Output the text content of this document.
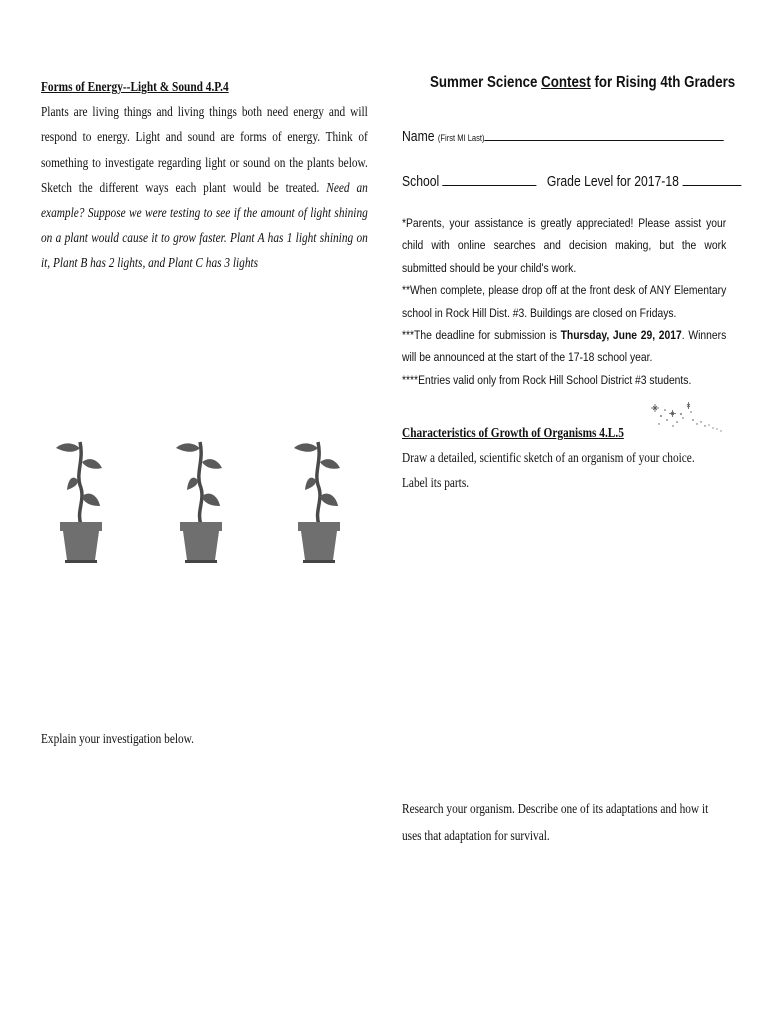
Forms of Energy--Light & Sound 4.P.4
Plants are living things and living things both need energy and will respond to energy. Light and sound are forms of energy. Think of something to investigate regarding light or sound on the plants below. Sketch the different ways each plant would be treated. Need an example? Suppose we were testing to see if the amount of light shining on a plant would cause it to grow faster. Plant A has 1 light shining on it, Plant B has 2 lights, and Plant C has 3 lights
Explain your investigation below.
Summer Science Contest for Rising 4th Graders
Name (First MI Last)
School	Grade Level for 2017-18

*Parents, your assistance is greatly appreciated! Please assist your child with online searches and decision making, but the work submitted should be your child's work.

**When complete, please drop off at the front desk of ANY Elementary school in Rock Hill Dist. #3. Buildings are closed on Fridays.

***The deadline for submission is Thursday, June 29, 2017. Winners will be announced at the start of the 17-18 school year.

****Entries valid only from Rock Hill School District #3 students.

Characteristics of Growth of Organisms 4.L.5
Draw a detailed, scientific sketch of an organism of your choice.
Label its parts.
Research your organism. Describe one of its adaptations and how it uses that adaptation for survival.
